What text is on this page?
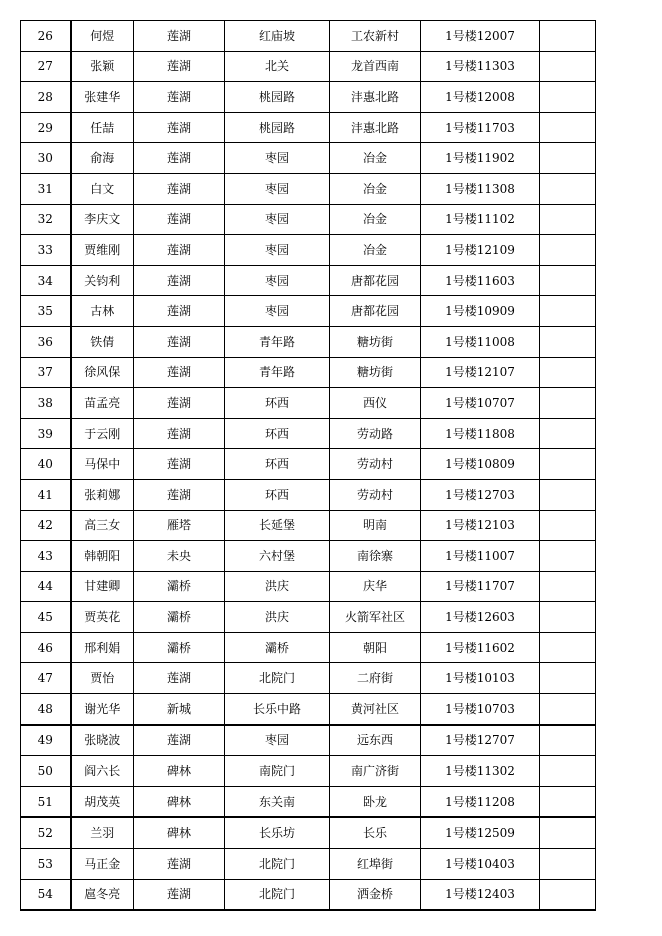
26	何煜	莲湖	红庙坡	工农新村	1号楼12007	
27	张颖	莲湖	北关	龙首西南	1号楼11303	
28	张建华	莲湖	桃园路	沣惠北路	1号楼12008	
29	任喆	莲湖	桃园路	沣惠北路	1号楼11703	
30	俞海	莲湖	枣园	冶金	1号楼11902	
31	白文	莲湖	枣园	冶金	1号楼11308	
32	李庆文	莲湖	枣园	冶金	1号楼11102	
33	贾维刚	莲湖	枣园	冶金	1号楼12109	
34	关钧利	莲湖	枣园	唐都花园	1号楼11603	
35	古林	莲湖	枣园	唐都花园	1号楼10909	
36	铁倩	莲湖	青年路	糖坊街	1号楼11008	
37	徐风保	莲湖	青年路	糖坊街	1号楼12107	
38	苗孟亮	莲湖	环西	西仪	1号楼10707	
39	于云刚	莲湖	环西	劳动路	1号楼11808	
40	马保中	莲湖	环西	劳动村	1号楼10809	
41	张莉娜	莲湖	环西	劳动村	1号楼12703	
42	高三女	雁塔	长延堡	明南	1号楼12103	
43	韩朝阳	未央	六村堡	南徐寨	1号楼11007	
44	甘建卿	灞桥	洪庆	庆华	1号楼11707	
45	贾英花	灞桥	洪庆	火箭军社区	1号楼12603	
46	邢利娟	灞桥	灞桥	朝阳	1号楼11602	
47	贾怡	莲湖	北院门	二府街	1号楼10103	
48	谢光华	新城	长乐中路	黄河社区	1号楼10703	
49	张晓波	莲湖	枣园	远东西	1号楼12707	
50	阎六长	碑林	南院门	南广济街	1号楼11302	
51	胡茂英	碑林	东关南	卧龙	1号楼11208	
52	兰羽	碑林	长乐坊	长乐	1号楼12509	
53	马正金	莲湖	北院门	红埠街	1号楼10403	
54	扈冬亮	莲湖	北院门	洒金桥	1号楼12403	
